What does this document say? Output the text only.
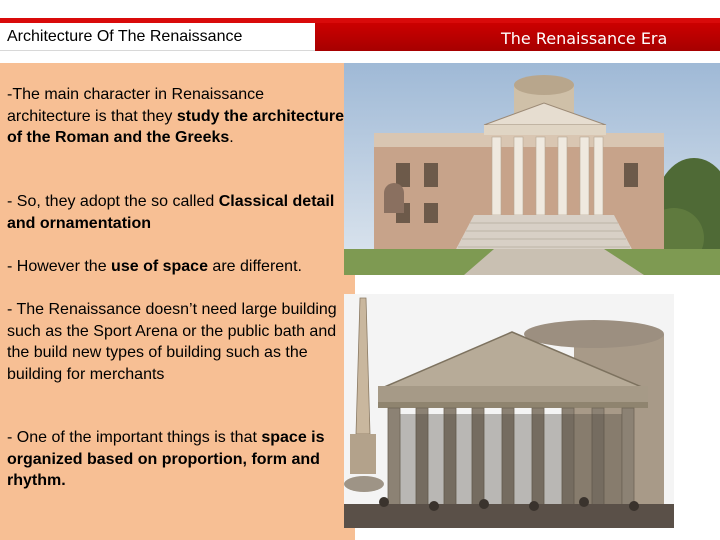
Architecture Of The Renaissance	The Renaissance Era

-The main character in Renaissance architecture is that they study the architecture of the Roman and the Greeks.

- So, they adopt the so called Classical detail and ornamentation

- However the use of space are different.

- The Renaissance doesn’t need large building such as the Sport Arena or the public bath and the build new types of building such as the building for merchants

- One of the important things is that space is organized based on proportion, form and rhythm.
